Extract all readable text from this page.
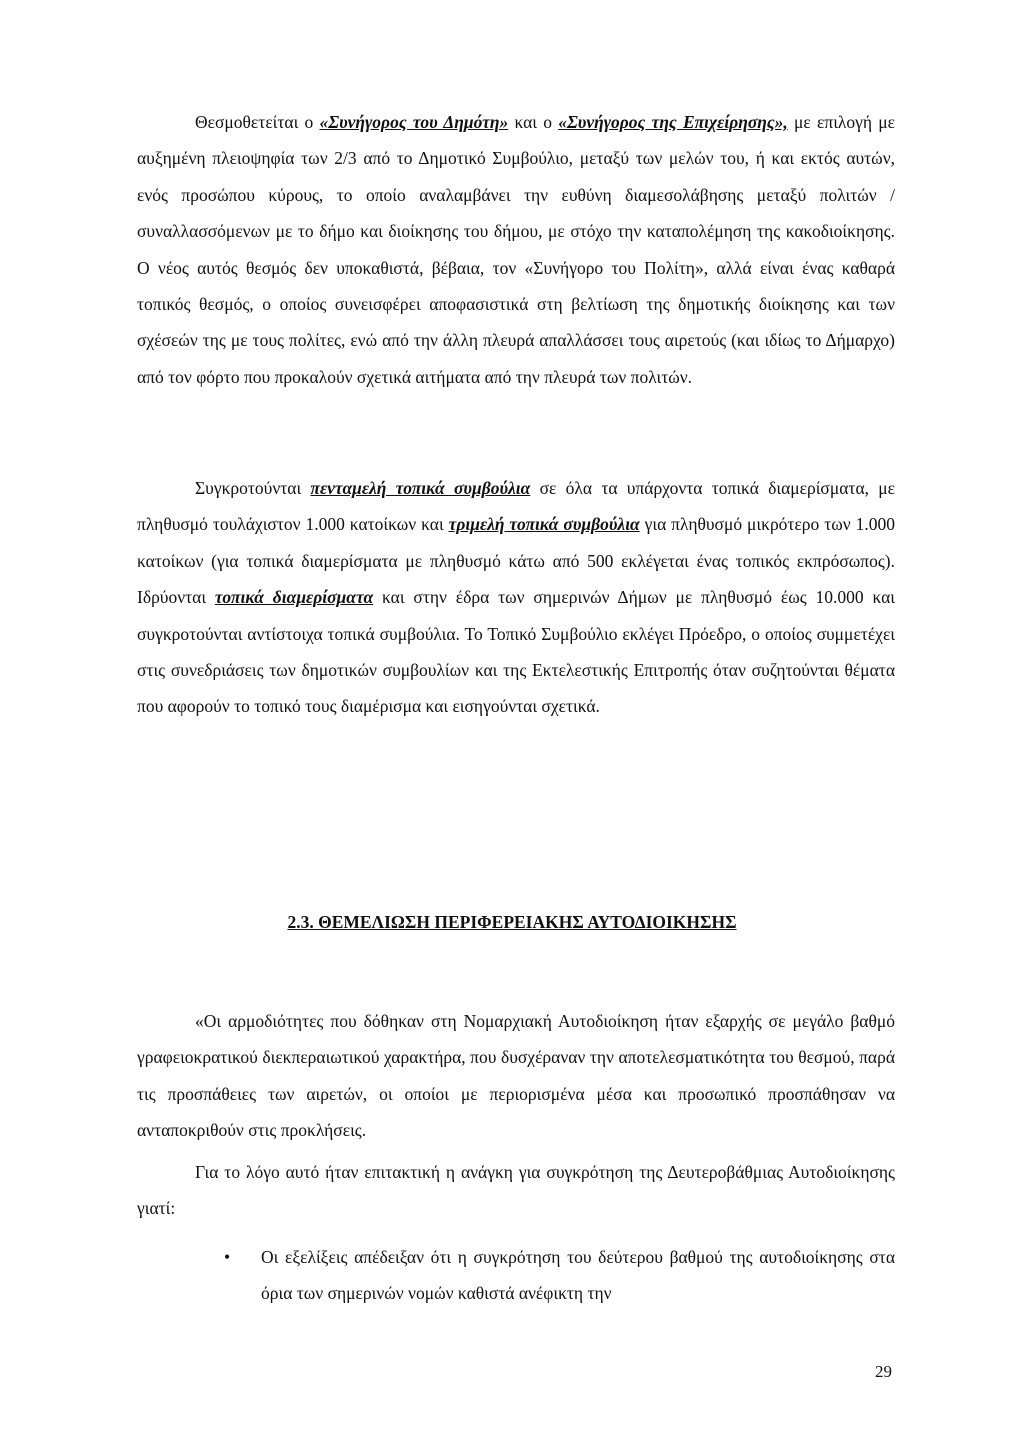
Θεσμοθετείται ο «Συνήγορος του Δημότη» και ο «Συνήγορος της Επιχείρησης», με επιλογή με αυξημένη πλειοψηφία των 2/3 από το Δημοτικό Συμβούλιο, μεταξύ των μελών του, ή και εκτός αυτών, ενός προσώπου κύρους, το οποίο αναλαμβάνει την ευθύνη διαμεσολάβησης μεταξύ πολιτών / συναλλασσόμενων με το δήμο και διοίκησης του δήμου, με στόχο την καταπολέμηση της κακοδιοίκησης. Ο νέος αυτός θεσμός δεν υποκαθιστά, βέβαια, τον «Συνήγορο του Πολίτη», αλλά είναι ένας καθαρά τοπικός θεσμός, ο οποίος συνεισφέρει αποφασιστικά στη βελτίωση της δημοτικής διοίκησης και των σχέσεών της με τους πολίτες, ενώ από την άλλη πλευρά απαλλάσσει τους αιρετούς (και ιδίως το Δήμαρχο) από τον φόρτο που προκαλούν σχετικά αιτήματα από την πλευρά των πολιτών.

Συγκροτούνται πενταμελή τοπικά συμβούλια σε όλα τα υπάρχοντα τοπικά διαμερίσματα, με πληθυσμό τουλάχιστον 1.000 κατοίκων και τριμελή τοπικά συμβούλια για πληθυσμό μικρότερο των 1.000 κατοίκων (για τοπικά διαμερίσματα με πληθυσμό κάτω από 500 εκλέγεται ένας τοπικός εκπρόσωπος). Ιδρύονται τοπικά διαμερίσματα και στην έδρα των σημερινών Δήμων με πληθυσμό έως 10.000 και συγκροτούνται αντίστοιχα τοπικά συμβούλια. Το Τοπικό Συμβούλιο εκλέγει Πρόεδρο, ο οποίος συμμετέχει στις συνεδριάσεις των δημοτικών συμβουλίων και της Εκτελεστικής Επιτροπής όταν συζητούνται θέματα που αφορούν το τοπικό τους διαμέρισμα και εισηγούνται σχετικά.

2.3. ΘΕΜΕΛΙΩΣΗ ΠΕΡΙΦΕΡΕΙΑΚΗΣ ΑΥΤΟΔΙΟΙΚΗΣΗΣ

«Οι αρμοδιότητες που δόθηκαν στη Νομαρχιακή Αυτοδιοίκηση ήταν εξαρχής σε μεγάλο βαθμό γραφειοκρατικού διεκπεραιωτικού χαρακτήρα, που δυσχέραναν την αποτελεσματικότητα του θεσμού, παρά τις προσπάθειες των αιρετών, οι οποίοι με περιορισμένα μέσα και προσωπικό προσπάθησαν να ανταποκριθούν στις προκλήσεις.

Για το λόγο αυτό ήταν επιτακτική η ανάγκη για συγκρότηση της Δευτεροβάθμιας Αυτοδιοίκησης γιατί:

• Οι εξελίξεις απέδειξαν ότι η συγκρότηση του δεύτερου βαθμού της αυτοδιοίκησης στα όρια των σημερινών νομών καθιστά ανέφικτη την

29
